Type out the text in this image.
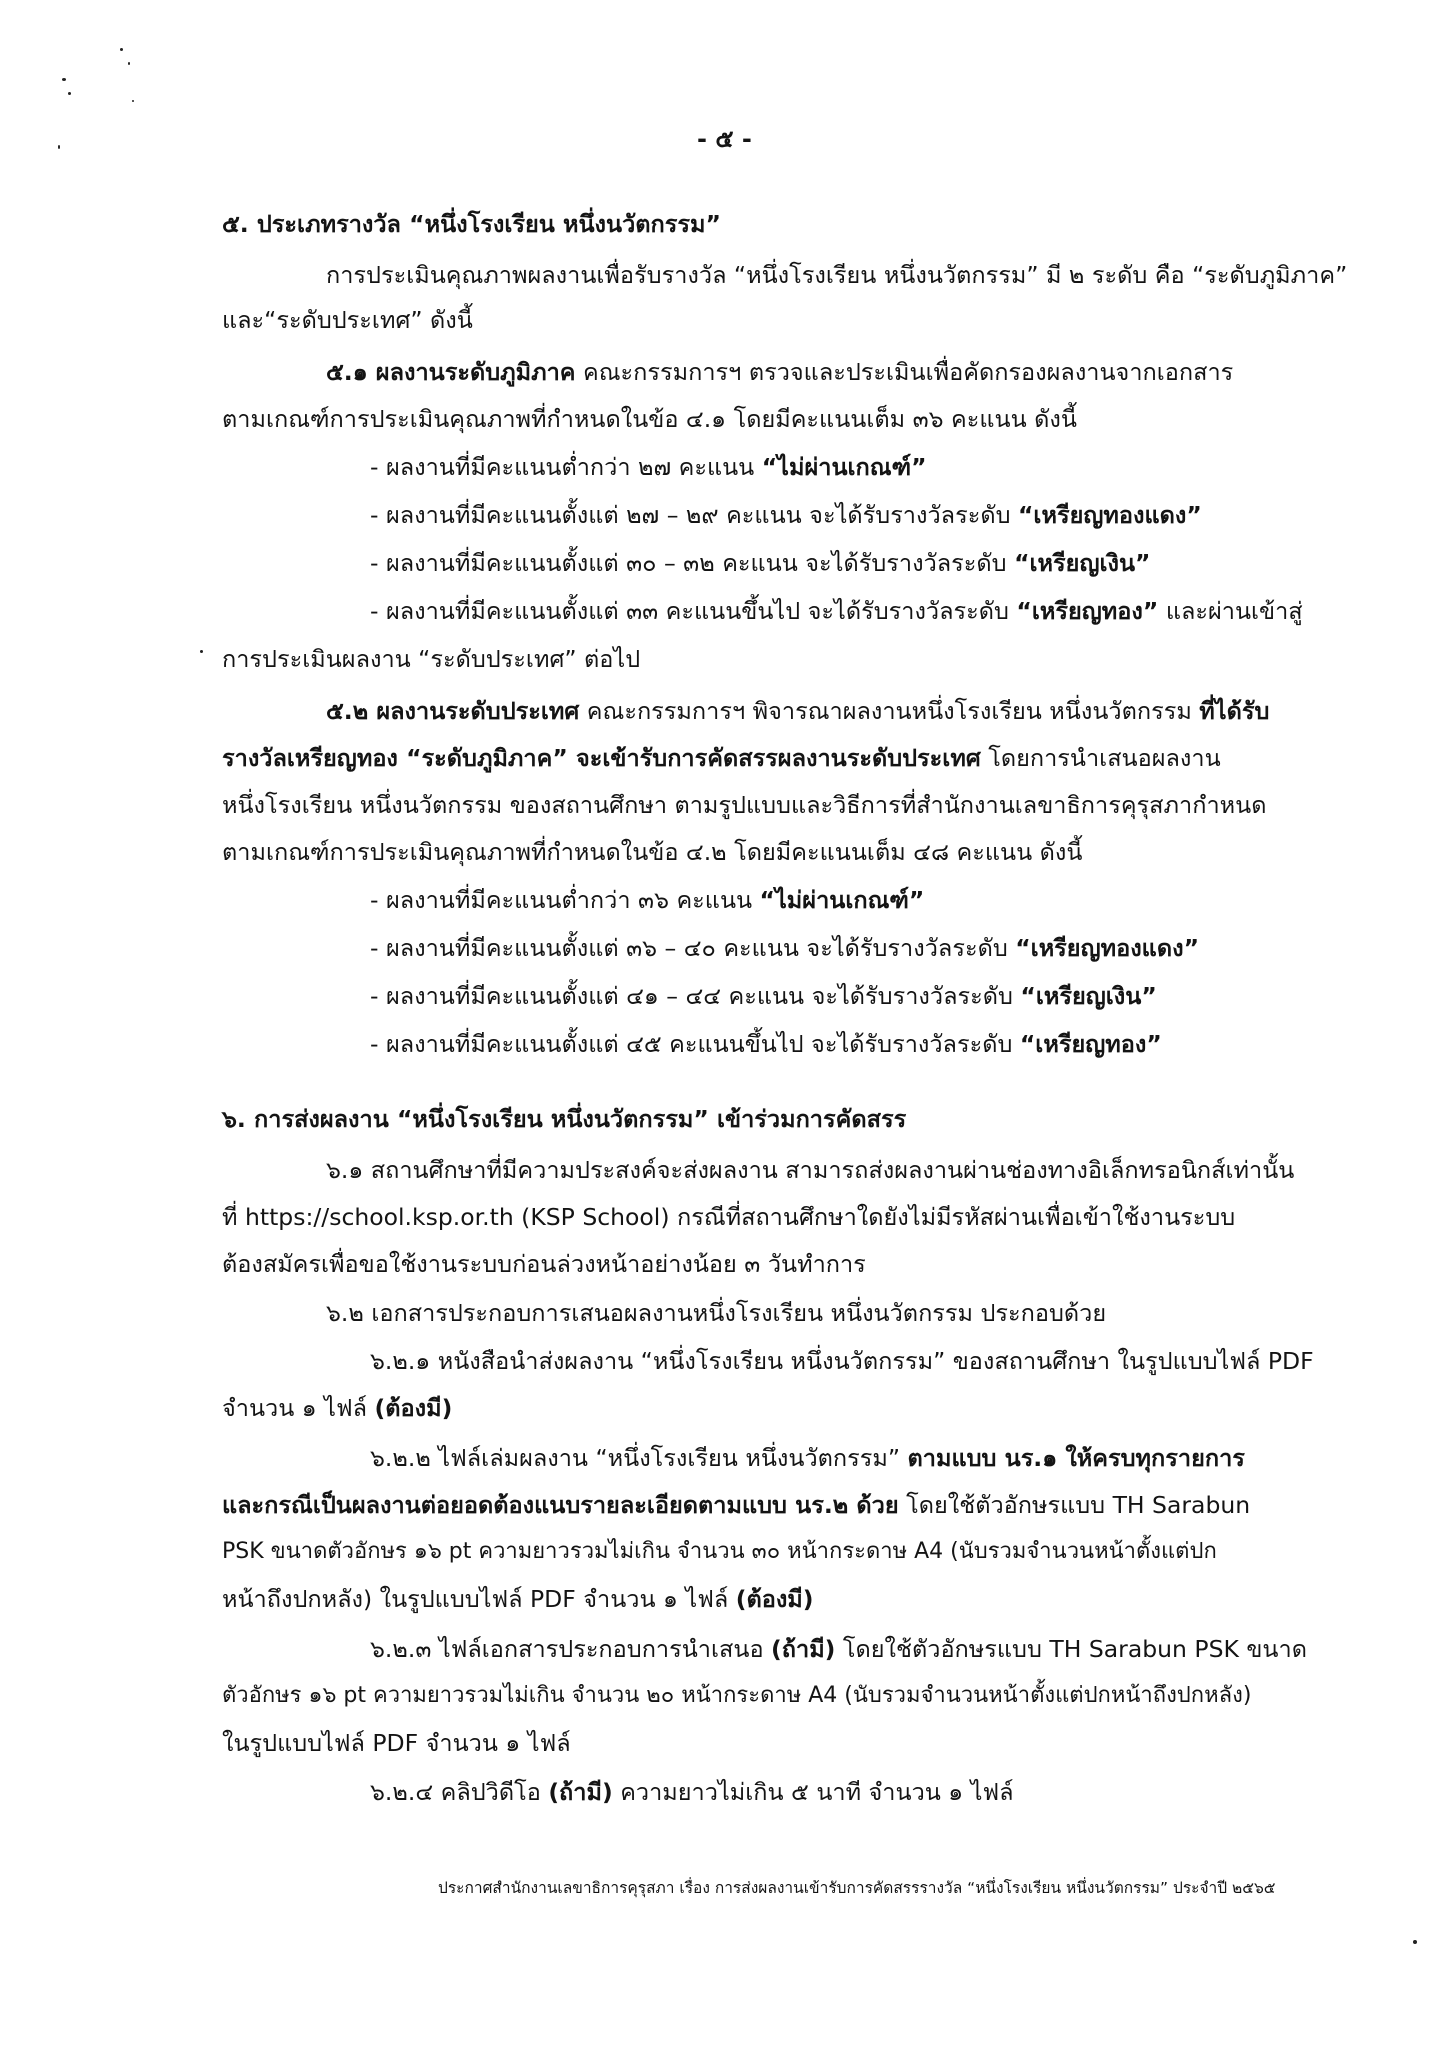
- ๕ -
๕. ประเภทรางวัล “หนึ่งโรงเรียน หนึ่งนวัตกรรม”
การประเมินคุณภาพผลงานเพื่อรับรางวัล “หนึ่งโรงเรียน หนึ่งนวัตกรรม” มี ๒ ระดับ คือ “ระดับภูมิภาค”
และ“ระดับประเทศ” ดังนี้
๕.๑ ผลงานระดับภูมิภาค คณะกรรมการฯ ตรวจและประเมินเพื่อคัดกรองผลงานจากเอกสาร
ตามเกณฑ์การประเมินคุณภาพที่กำหนดในข้อ ๔.๑ โดยมีคะแนนเต็ม ๓๖ คะแนน ดังนี้
- ผลงานที่มีคะแนนต่ำกว่า ๒๗ คะแนน “ไม่ผ่านเกณฑ์”
- ผลงานที่มีคะแนนตั้งแต่ ๒๗ – ๒๙ คะแนน จะได้รับรางวัลระดับ “เหรียญทองแดง”
- ผลงานที่มีคะแนนตั้งแต่ ๓๐ – ๓๒ คะแนน จะได้รับรางวัลระดับ “เหรียญเงิน”
- ผลงานที่มีคะแนนตั้งแต่ ๓๓ คะแนนขึ้นไป จะได้รับรางวัลระดับ “เหรียญทอง” และผ่านเข้าสู่
การประเมินผลงาน “ระดับประเทศ” ต่อไป
๕.๒ ผลงานระดับประเทศ คณะกรรมการฯ พิจารณาผลงานหนึ่งโรงเรียน หนึ่งนวัตกรรม ที่ได้รับ
รางวัลเหรียญทอง “ระดับภูมิภาค” จะเข้ารับการคัดสรรผลงานระดับประเทศ โดยการนำเสนอผลงาน
หนึ่งโรงเรียน หนึ่งนวัตกรรม ของสถานศึกษา ตามรูปแบบและวิธีการที่สำนักงานเลขาธิการคุรุสภากำหนด
ตามเกณฑ์การประเมินคุณภาพที่กำหนดในข้อ ๔.๒ โดยมีคะแนนเต็ม ๔๘ คะแนน ดังนี้
- ผลงานที่มีคะแนนต่ำกว่า ๓๖ คะแนน “ไม่ผ่านเกณฑ์”
- ผลงานที่มีคะแนนตั้งแต่ ๓๖ – ๔๐ คะแนน จะได้รับรางวัลระดับ “เหรียญทองแดง”
- ผลงานที่มีคะแนนตั้งแต่ ๔๑ – ๔๔ คะแนน จะได้รับรางวัลระดับ “เหรียญเงิน”
- ผลงานที่มีคะแนนตั้งแต่ ๔๕ คะแนนขึ้นไป จะได้รับรางวัลระดับ “เหรียญทอง”
๖. การส่งผลงาน “หนึ่งโรงเรียน หนึ่งนวัตกรรม” เข้าร่วมการคัดสรร
๖.๑ สถานศึกษาที่มีความประสงค์จะส่งผลงาน สามารถส่งผลงานผ่านช่องทางอิเล็กทรอนิกส์เท่านั้น
ที่ https://school.ksp.or.th (KSP School) กรณีที่สถานศึกษาใดยังไม่มีรหัสผ่านเพื่อเข้าใช้งานระบบ
ต้องสมัครเพื่อขอใช้งานระบบก่อนล่วงหน้าอย่างน้อย ๓ วันทำการ
๖.๒ เอกสารประกอบการเสนอผลงานหนึ่งโรงเรียน หนึ่งนวัตกรรม ประกอบด้วย
๖.๒.๑ หนังสือนำส่งผลงาน “หนึ่งโรงเรียน หนึ่งนวัตกรรม” ของสถานศึกษา ในรูปแบบไฟล์ PDF
จำนวน ๑ ไฟล์ (ต้องมี)
๖.๒.๒ ไฟล์เล่มผลงาน “หนึ่งโรงเรียน หนึ่งนวัตกรรม” ตามแบบ นร.๑ ให้ครบทุกรายการ
และกรณีเป็นผลงานต่อยอดต้องแนบรายละเอียดตามแบบ นร.๒ ด้วย โดยใช้ตัวอักษรแบบ TH Sarabun
PSK ขนาดตัวอักษร ๑๖ pt ความยาวรวมไม่เกิน จำนวน ๓๐ หน้ากระดาษ A4 (นับรวมจำนวนหน้าตั้งแต่ปก
หน้าถึงปกหลัง) ในรูปแบบไฟล์ PDF จำนวน ๑ ไฟล์ (ต้องมี)
๖.๒.๓ ไฟล์เอกสารประกอบการนำเสนอ (ถ้ามี) โดยใช้ตัวอักษรแบบ TH Sarabun PSK ขนาด
ตัวอักษร ๑๖ pt ความยาวรวมไม่เกิน จำนวน ๒๐ หน้ากระดาษ A4 (นับรวมจำนวนหน้าตั้งแต่ปกหน้าถึงปกหลัง)
ในรูปแบบไฟล์ PDF จำนวน ๑ ไฟล์
๖.๒.๔ คลิปวิดีโอ (ถ้ามี) ความยาวไม่เกิน ๕ นาที จำนวน ๑ ไฟล์
ประกาศสำนักงานเลขาธิการคุรุสภา เรื่อง การส่งผลงานเข้ารับการคัดสรรรางวัล “หนึ่งโรงเรียน หนึ่งนวัตกรรม” ประจำปี ๒๕๖๕
